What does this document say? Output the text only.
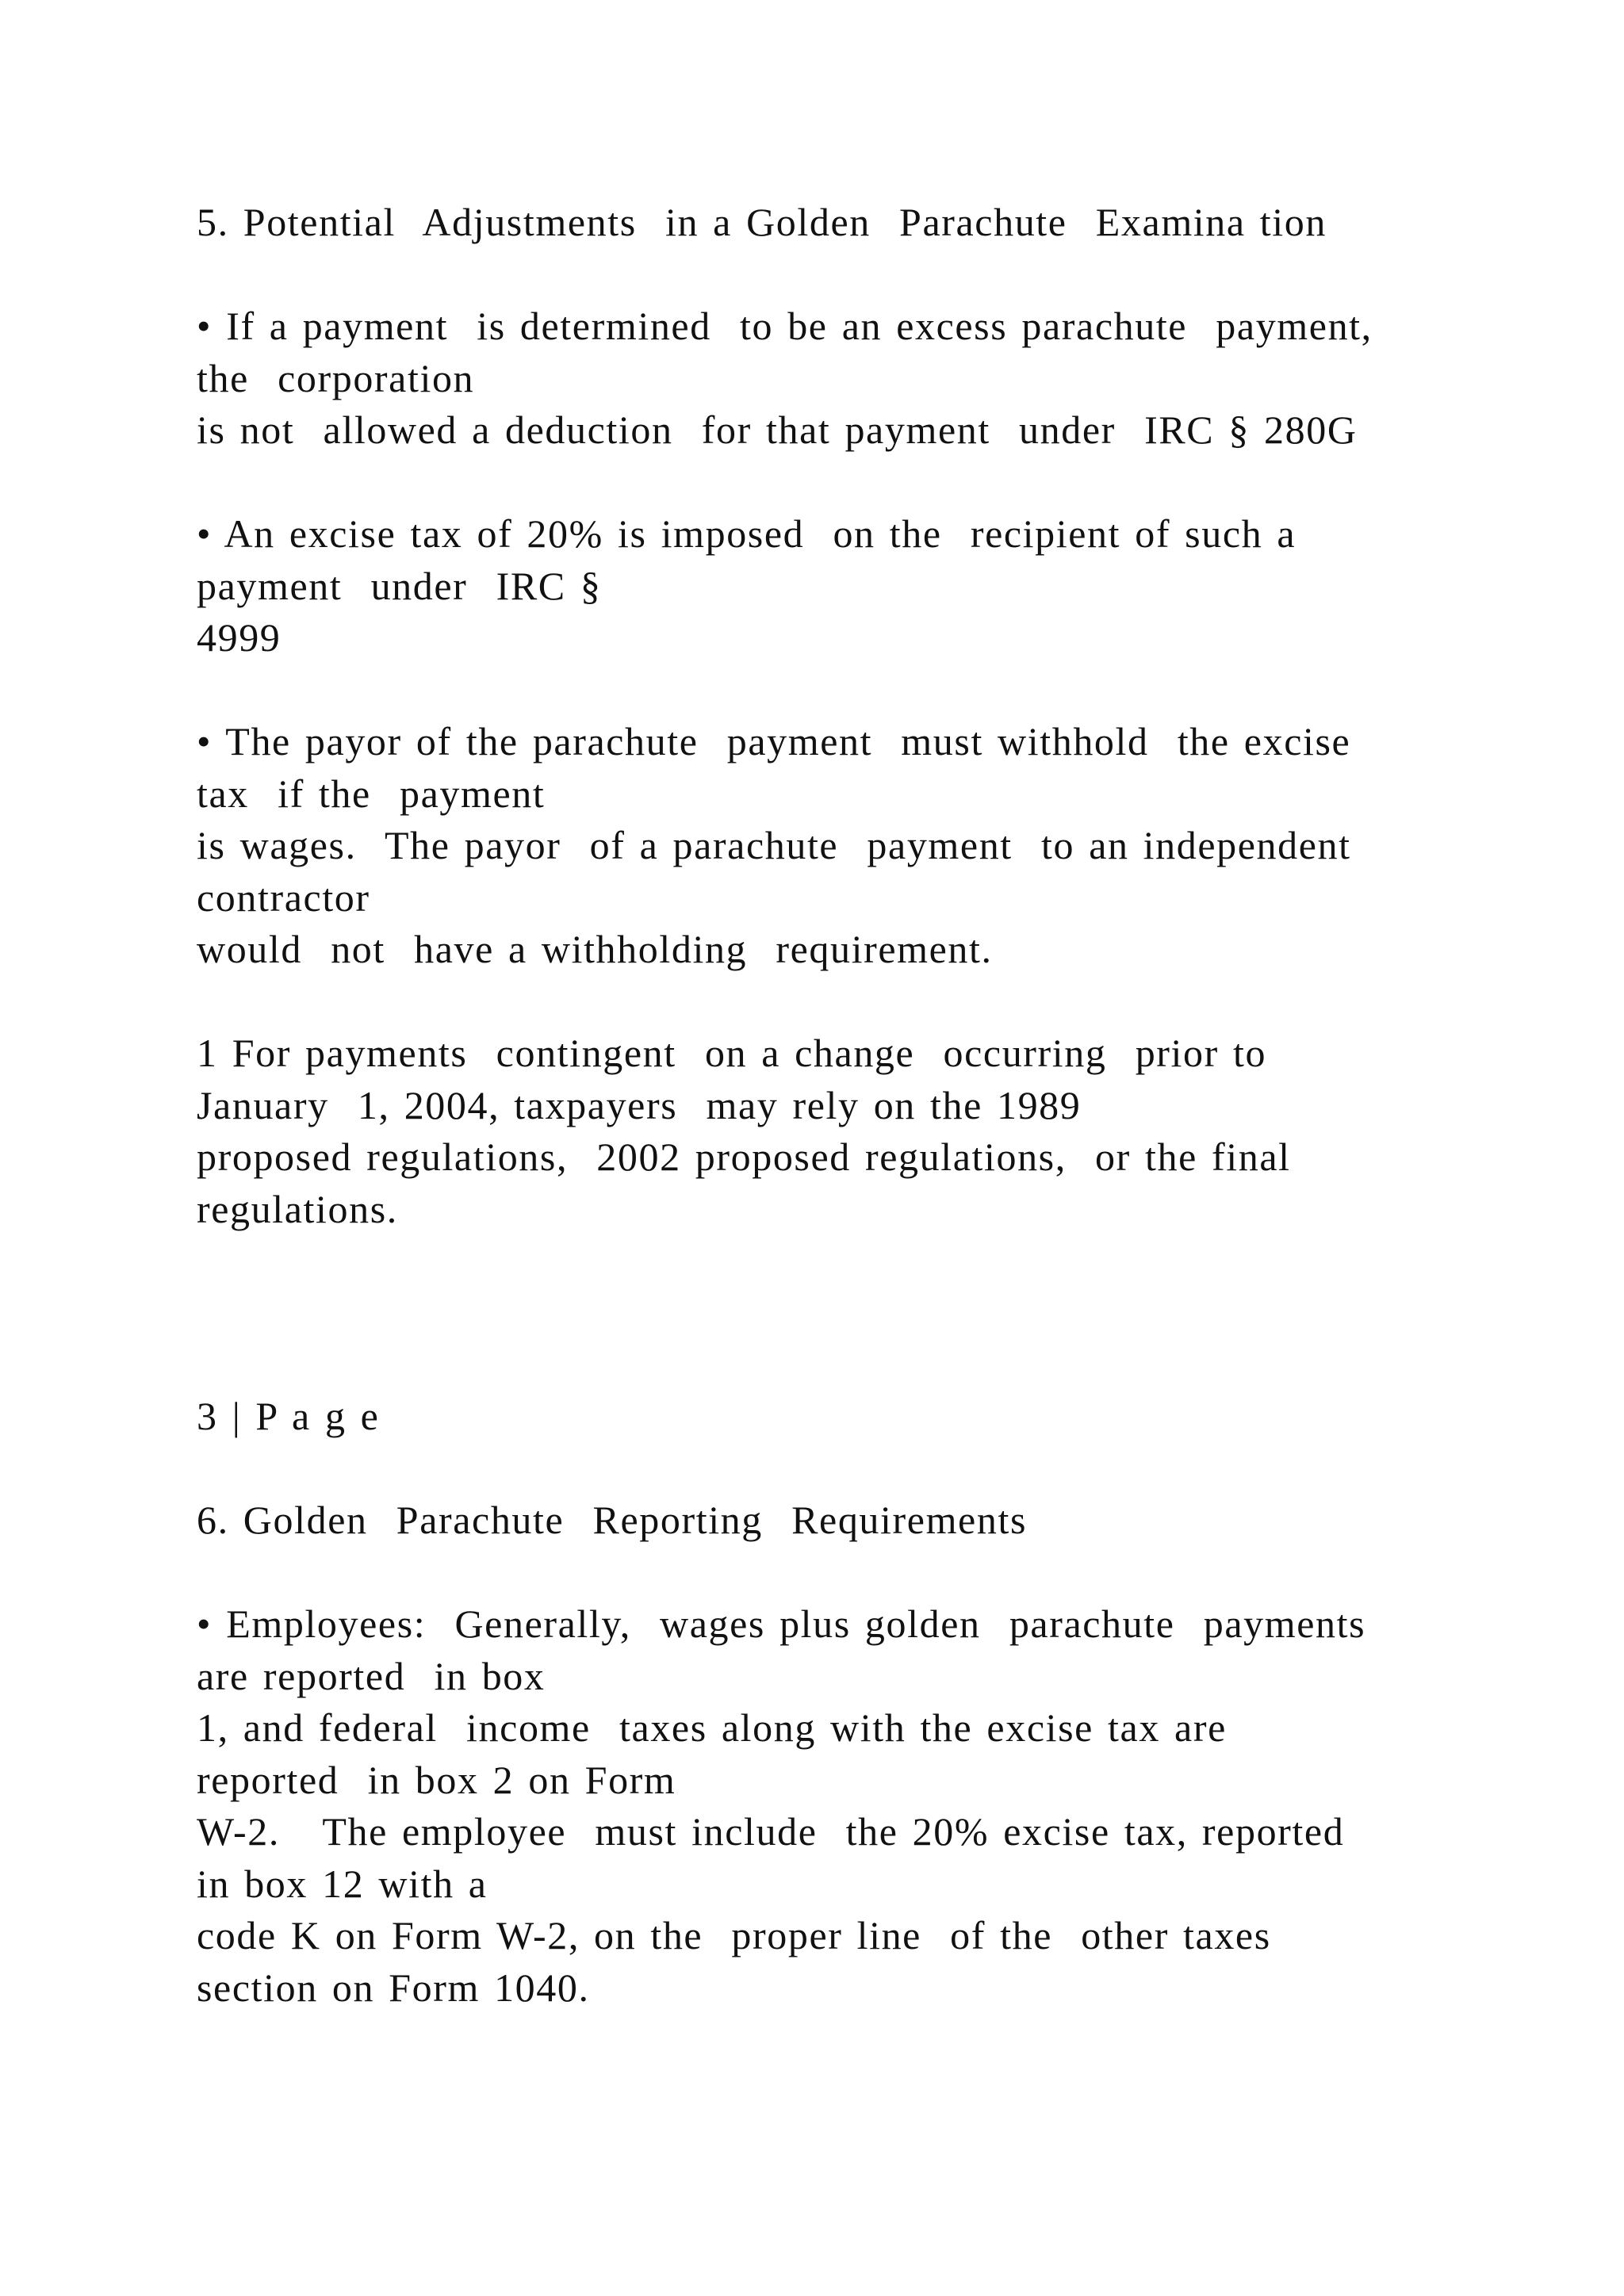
5. Potential  Adjustments  in a Golden  Parachute  Examina tion
• If a payment  is determined  to be an excess parachute  payment,
the  corporation
is not  allowed a deduction  for that payment  under  IRC § 280G
• An excise tax of 20% is imposed  on the  recipient of such a
payment  under  IRC §
4999
• The payor of the parachute  payment  must withhold  the excise
tax  if the  payment
is wages.  The payor  of a parachute  payment  to an independent
contractor
would  not  have a withholding  requirement.
1 For payments  contingent  on a change  occurring  prior to
January  1, 2004, taxpayers  may rely on the 1989
proposed regulations,  2002 proposed regulations,  or the final
regulations.
3 | P a g e
6. Golden  Parachute  Reporting  Requirements
• Employees:  Generally,  wages plus golden  parachute  payments
are reported  in box
1, and federal  income  taxes along with the excise tax are
reported  in box 2 on Form
W-2.   The employee  must include  the 20% excise tax, reported
in box 12 with a
code K on Form W-2, on the  proper line  of the  other taxes
section on Form 1040.
